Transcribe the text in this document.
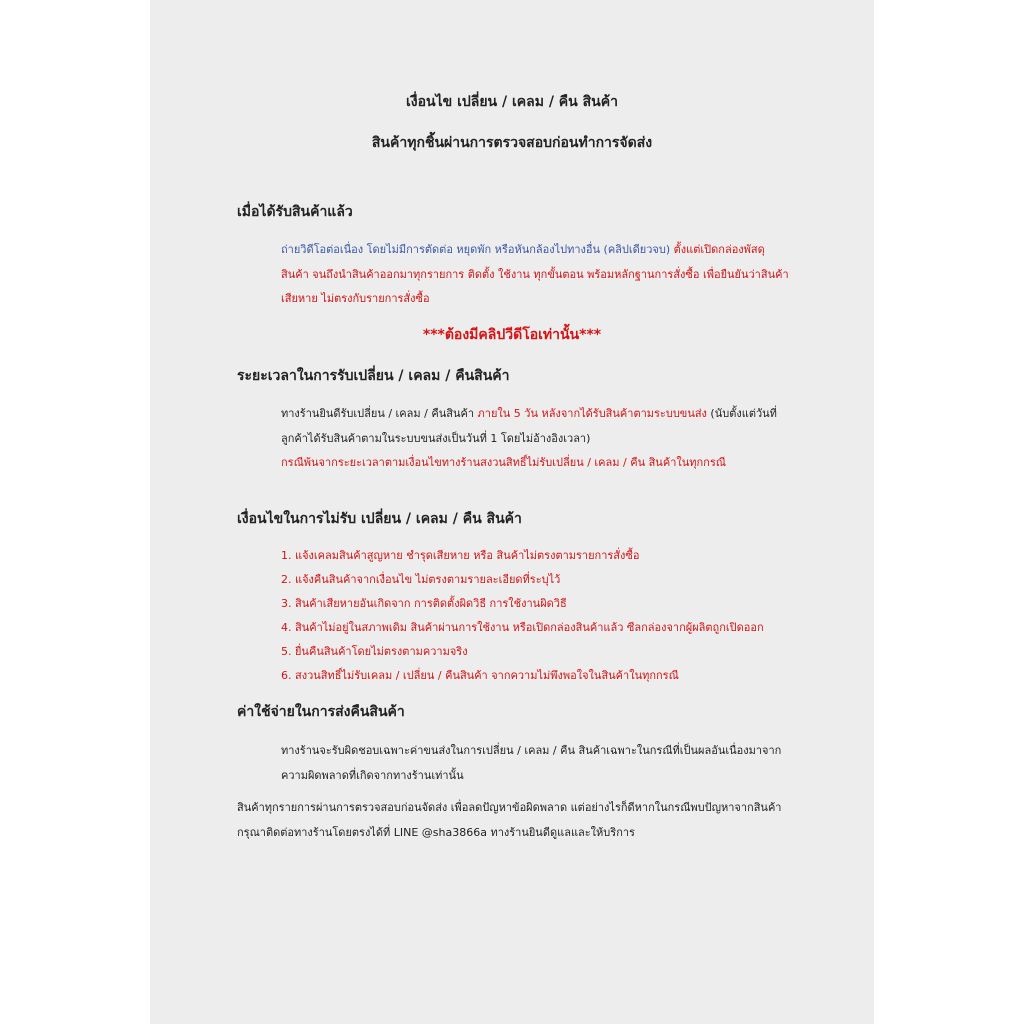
เงื่อนไข เปลี่ยน / เคลม / คืน สินค้า

สินค้าทุกชิ้นผ่านการตรวจสอบก่อนทำการจัดส่ง

เมื่อได้รับสินค้าแล้ว

ถ่ายวิดีโอต่อเนื่อง โดยไม่มีการตัดต่อ หยุดพัก หรือหันกล้องไปทางอื่น (คลิปเดียวจบ) ตั้งแต่เปิดกล่องพัสดุ

สินค้า จนถึงนำสินค้าออกมาทุกรายการ ติดตั้ง ใช้งาน ทุกขั้นตอน พร้อมหลักฐานการสั่งซื้อ เพื่อยืนยันว่าสินค้า

เสียหาย ไม่ตรงกับรายการสั่งซื้อ

***ต้องมีคลิปวีดีโอเท่านั้น***

ระยะเวลาในการรับเปลี่ยน / เคลม / คืนสินค้า

ทางร้านยินดีรับเปลี่ยน / เคลม / คืนสินค้า ภายใน 5 วัน หลังจากได้รับสินค้าตามระบบขนส่ง (นับตั้งแต่วันที่

ลูกค้าได้รับสินค้าตามในระบบขนส่งเป็นวันที่ 1 โดยไม่อ้างอิงเวลา)

กรณีพ้นจากระยะเวลาตามเงื่อนไขทางร้านสงวนสิทธิ์ไม่รับเปลี่ยน / เคลม / คืน สินค้าในทุกกรณี

เงื่อนไขในการไม่รับ เปลี่ยน / เคลม / คืน สินค้า

1. แจ้งเคลมสินค้าสูญหาย ชำรุดเสียหาย หรือ สินค้าไม่ตรงตามรายการสั่งซื้อ

2. แจ้งคืนสินค้าจากเงื่อนไข ไม่ตรงตามรายละเอียดที่ระบุไว้

3. สินค้าเสียหายอันเกิดจาก การติดตั้งผิดวิธี การใช้งานผิดวิธี

4. สินค้าไม่อยู่ในสภาพเดิม สินค้าผ่านการใช้งาน หรือเปิดกล่องสินค้าแล้ว ซีลกล่องจากผู้ผลิตถูกเปิดออก

5. ยื่นคืนสินค้าโดยไม่ตรงตามความจริง

6. สงวนสิทธิ์ไม่รับเคลม / เปลี่ยน / คืนสินค้า จากความไม่พึงพอใจในสินค้าในทุกกรณี

ค่าใช้จ่ายในการส่งคืนสินค้า

ทางร้านจะรับผิดชอบเฉพาะค่าขนส่งในการเปลี่ยน / เคลม / คืน สินค้าเฉพาะในกรณีที่เป็นผลอันเนื่องมาจาก

ความผิดพลาดที่เกิดจากทางร้านเท่านั้น

สินค้าทุกรายการผ่านการตรวจสอบก่อนจัดส่ง เพื่อลดปัญหาข้อผิดพลาด แต่อย่างไรก็ดีหากในกรณีพบปัญหาจากสินค้า

กรุณาติดต่อทางร้านโดยตรงได้ที่ LINE @sha3866a ทางร้านยินดีดูแลและให้บริการ
